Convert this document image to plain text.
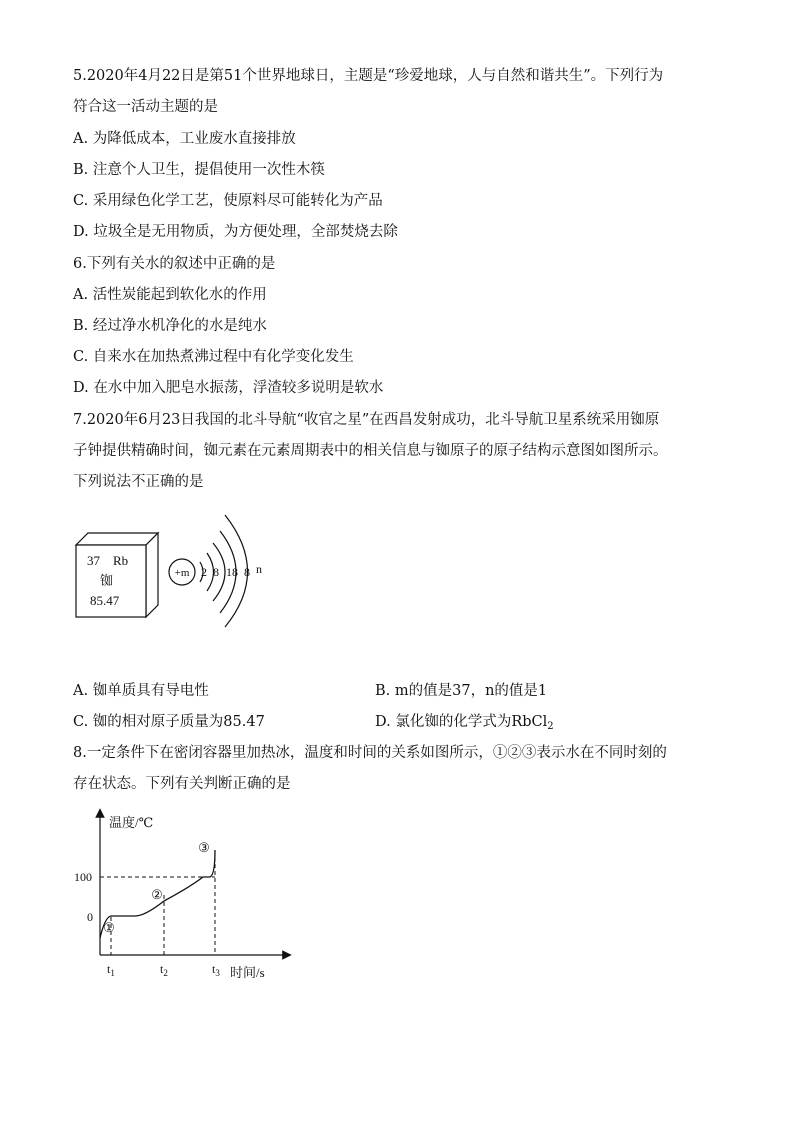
5.2020年4月22日是第51个世界地球日，主题是“珍爱地球，人与自然和谐共生”。下列行为
符合这一活动主题的是
A. 为降低成本，工业废水直接排放
B. 注意个人卫生，提倡使用一次性木筷
C. 采用绿色化学工艺，使原料尽可能转化为产品
D. 垃圾全是无用物质，为方便处理，全部焚烧去除
6.下列有关水的叙述中正确的是
A. 活性炭能起到软化水的作用
B. 经过净水机净化的水是纯水
C. 自来水在加热煮沸过程中有化学变化发生
D. 在水中加入肥皂水振荡，浮渣较多说明是软水
7.2020年6月23日我国的北斗导航“收官之星”在西昌发射成功，北斗导航卫星系统采用铷原
子钟提供精确时间，铷元素在元素周期表中的相关信息与铷原子的原子结构示意图如图所示。
下列说法不正确的是
37 Rb
铷
85.47
+m 2 8 18 8 n
A. 铷单质具有导电性	B. m的值是37，n的值是1
C. 铷的相对原子质量为85.47	D. 氯化铷的化学式为RbCl$_2$
8.一定条件下在密闭容器里加热冰，温度和时间的关系如图所示，①②③表示水在不同时刻的
存在状态。下列有关判断正确的是
温度/℃
时间/s
100
0
①
②
③
$t_1$	$t_2$	$t_3$
